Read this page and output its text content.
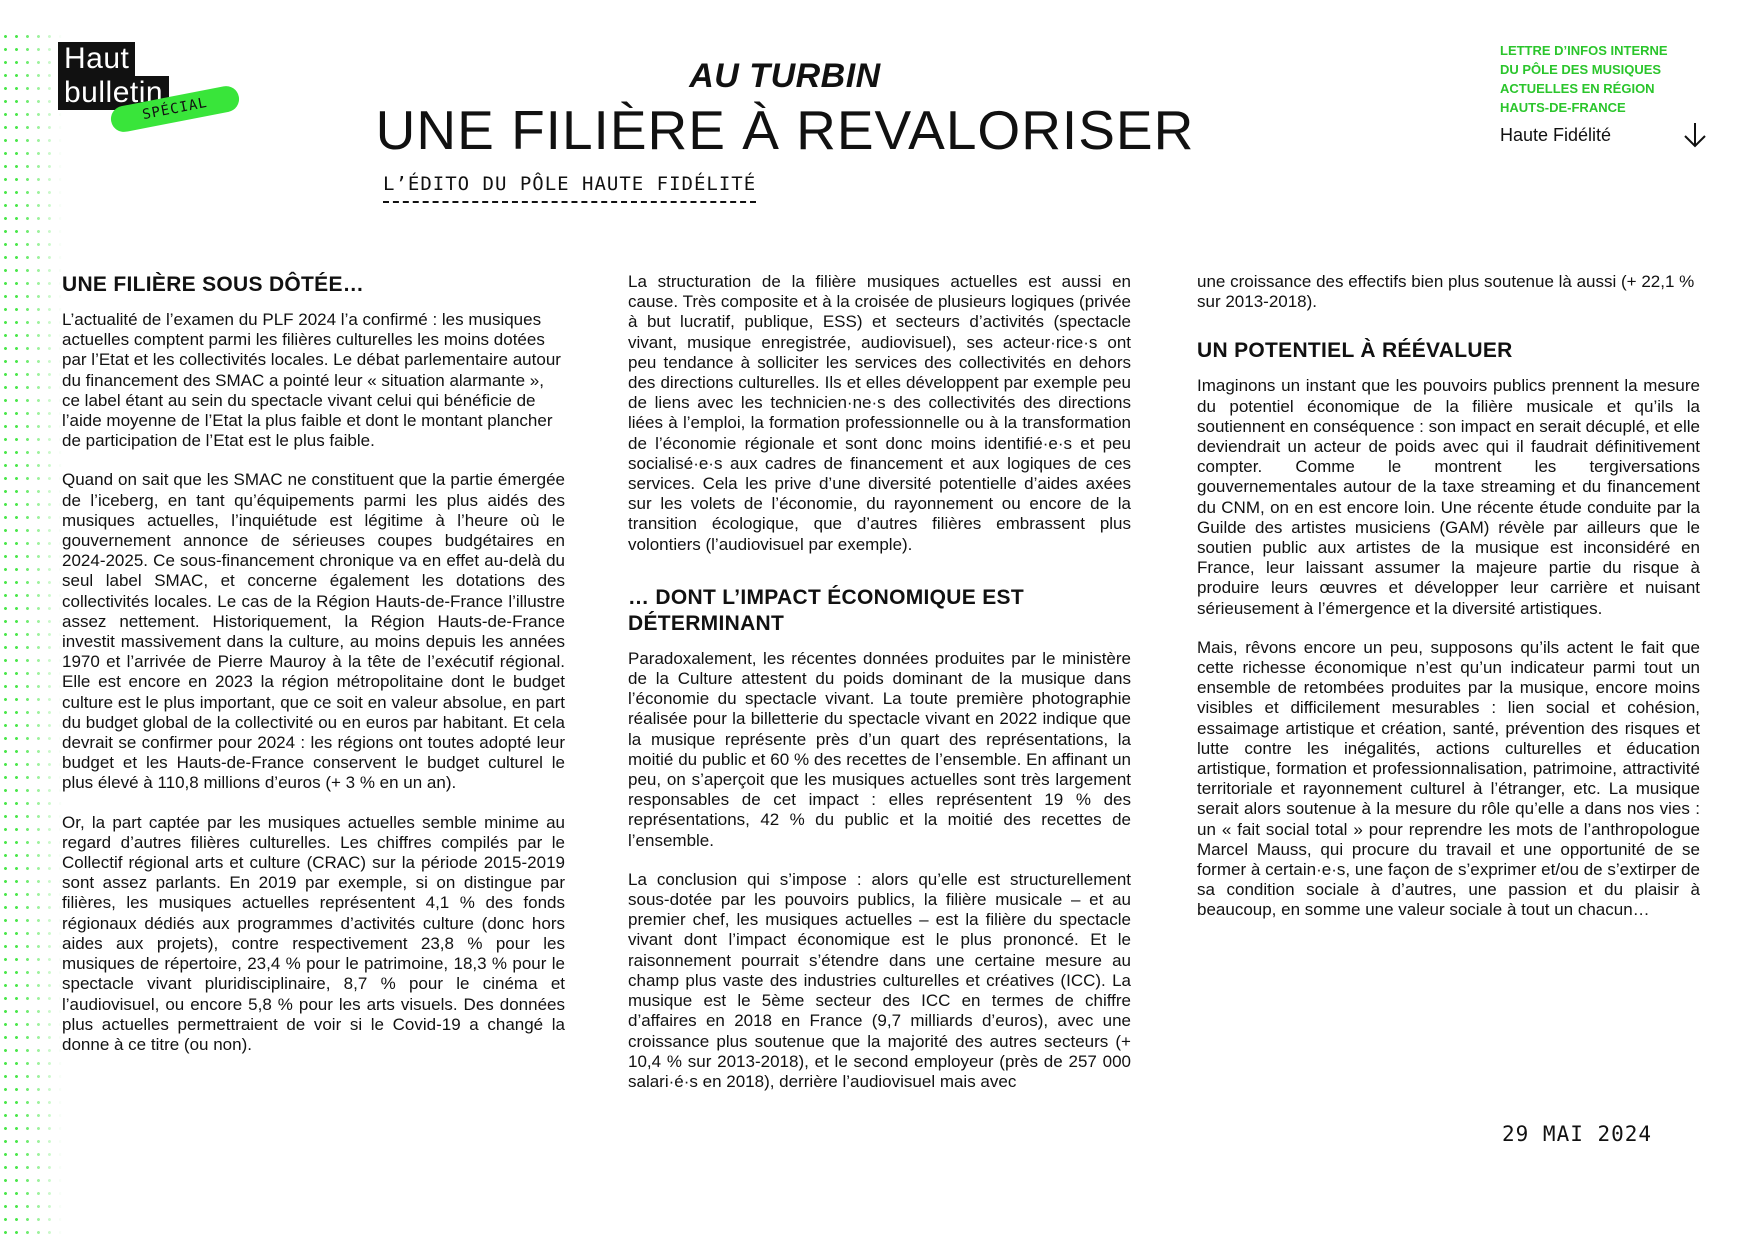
Haut
bulletin
SPÉCIAL
AU TURBIN
UNE FILIÈRE À REVALORISER
L’ÉDITO DU PÔLE HAUTE FIDÉLITÉ
LETTRE D’INFOS INTERNE
DU PÔLE DES MUSIQUES
ACTUELLES EN RÉGION
HAUTS-DE-FRANCE
Haute Fidélité
UNE FILIÈRE SOUS DÔTÉE…

L’actualité de l’examen du PLF 2024 l’a confirmé : les musiques actuelles comptent parmi les filières culturelles les moins dotées par l’Etat et les collectivités locales. Le débat parlementaire autour du financement des SMAC a pointé leur « situation alarmante », ce label étant au sein du spectacle vivant celui qui bénéficie de l’aide moyenne de l’Etat la plus faible et dont le montant plancher de participation de l’Etat est le plus faible.

Quand on sait que les SMAC ne constituent que la partie émergée de l’iceberg, en tant qu’équipements parmi les plus aidés des musiques actuelles, l’inquiétude est légitime à l’heure où le gouvernement annonce de sérieuses coupes budgétaires en 2024-2025. Ce sous-financement chronique va en effet au-delà du seul label SMAC, et concerne également les dotations des collectivités locales. Le cas de la Région Hauts-de-France l’illustre assez nettement. Historiquement, la Région Hauts-de-France investit massivement dans la culture, au moins depuis les années 1970 et l’arrivée de Pierre Mauroy à la tête de l’exécutif régional. Elle est encore en 2023 la région métropolitaine dont le budget culture est le plus important, que ce soit en valeur absolue, en part du budget global de la collectivité ou en euros par habitant. Et cela devrait se confirmer pour 2024 : les régions ont toutes adopté leur budget et les Hauts-de-France conservent le budget culturel le plus élevé à 110,8 millions d’euros (+ 3 % en un an).

Or, la part captée par les musiques actuelles semble minime au regard d’autres filières culturelles. Les chiffres compilés par le Collectif régional arts et culture (CRAC) sur la période 2015-2019 sont assez parlants. En 2019 par exemple, si on distingue par filières, les musiques actuelles représentent 4,1 % des fonds régionaux dédiés aux programmes d’activités culture (donc hors aides aux projets), contre respectivement 23,8 % pour les musiques de répertoire, 23,4 % pour le patrimoine, 18,3 % pour le spectacle vivant pluridisciplinaire, 8,7 % pour le cinéma et l’audiovisuel, ou encore 5,8 % pour les arts visuels. Des données plus actuelles permettraient de voir si le Covid-19 a changé la donne à ce titre (ou non).

La structuration de la filière musiques actuelles est aussi en cause. Très composite et à la croisée de plusieurs logiques (privée à but lucratif, publique, ESS) et secteurs d’activités (spectacle vivant, musique enregistrée, audiovisuel), ses acteur·rice·s ont peu tendance à solliciter les services des collectivités en dehors des directions culturelles. Ils et elles développent par exemple peu de liens avec les technicien·ne·s des collectivités des directions liées à l’emploi, la formation professionnelle ou à la transformation de l’économie régionale et sont donc moins identifié·e·s et peu socialisé·e·s aux cadres de financement et aux logiques de ces services. Cela les prive d’une diversité potentielle d’aides axées sur les volets de l’économie, du rayonnement ou encore de la transition écologique, que d’autres filières embrassent plus volontiers (l’audiovisuel par exemple).

… DONT L’IMPACT ÉCONOMIQUE EST DÉTERMINANT

Paradoxalement, les récentes données produites par le ministère de la Culture attestent du poids dominant de la musique dans l’économie du spectacle vivant. La toute première photographie réalisée pour la billetterie du spectacle vivant en 2022 indique que la musique représente près d’un quart des représentations, la moitié du public et 60 % des recettes de l’ensemble. En affinant un peu, on s’aperçoit que les musiques actuelles sont très largement responsables de cet impact : elles représentent 19 % des représentations, 42 % du public et la moitié des recettes de l’ensemble.

La conclusion qui s’impose : alors qu’elle est structurellement sous-dotée par les pouvoirs publics, la filière musicale – et au premier chef, les musiques actuelles – est la filière du spectacle vivant dont l’impact économique est le plus prononcé. Et le raisonnement pourrait s’étendre dans une certaine mesure au champ plus vaste des industries culturelles et créatives (ICC). La musique est le 5ème secteur des ICC en termes de chiffre d’affaires en 2018 en France (9,7 milliards d’euros), avec une croissance plus soutenue que la majorité des autres secteurs (+ 10,4 % sur 2013-2018), et le second employeur (près de 257 000 salari·é·s en 2018), derrière l’audiovisuel mais avec

une croissance des effectifs bien plus soutenue là aussi (+ 22,1 % sur 2013-2018).

UN POTENTIEL À RÉÉVALUER

Imaginons un instant que les pouvoirs publics prennent la mesure du potentiel économique de la filière musicale et qu’ils la soutiennent en conséquence : son impact en serait décuplé, et elle deviendrait un acteur de poids avec qui il faudrait définitivement compter. Comme le montrent les tergiversations gouvernementales autour de la taxe streaming et du financement du CNM, on en est encore loin. Une récente étude conduite par la Guilde des artistes musiciens (GAM) révèle par ailleurs que le soutien public aux artistes de la musique est inconsidéré en France, leur laissant assumer la majeure partie du risque à produire leurs œuvres et développer leur carrière et nuisant sérieusement à l’émergence et la diversité artistiques.

Mais, rêvons encore un peu, supposons qu’ils actent le fait que cette richesse économique n’est qu’un indicateur parmi tout un ensemble de retombées produites par la musique, encore moins visibles et difficilement mesurables : lien social et cohésion, essaimage artistique et création, santé, prévention des risques et lutte contre les inégalités, actions culturelles et éducation artistique, formation et professionnalisation, patrimoine, attractivité territoriale et rayonnement culturel à l’étranger, etc. La musique serait alors soutenue à la mesure du rôle qu’elle a dans nos vies : un « fait social total » pour reprendre les mots de l’anthropologue Marcel Mauss, qui procure du travail et une opportunité de se former à certain·e·s, une façon de s’exprimer et/ou de s’extirper de sa condition sociale à d’autres, une passion et du plaisir à beaucoup, en somme une valeur sociale à tout un chacun…

29 MAI 2024
